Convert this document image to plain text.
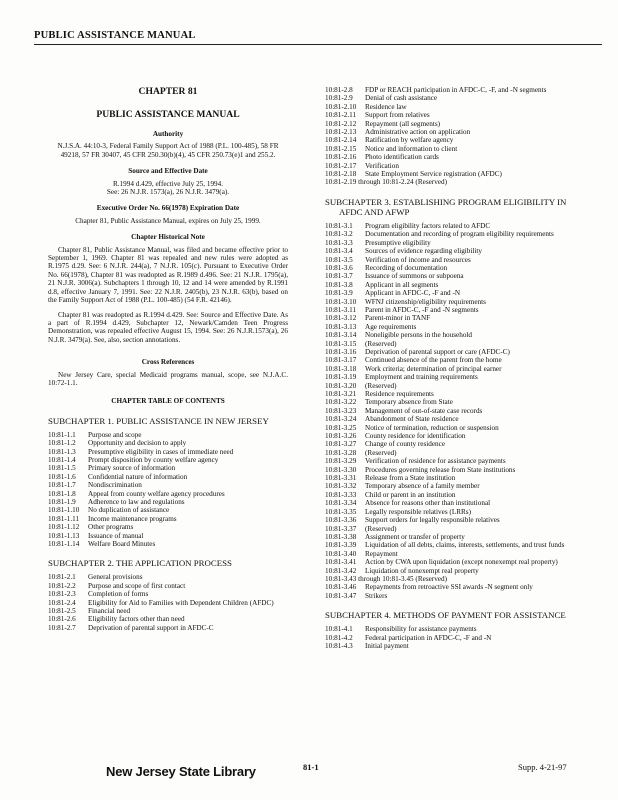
PUBLIC ASSISTANCE MANUAL
CHAPTER 81
PUBLIC ASSISTANCE MANUAL
Authority

N.J.S.A. 44:10-3, Federal Family Support Act of 1988 (P.L. 100-485), 58 FR 49218, 57 FR 30407, 45 CFR 250.30(b)(4), 45 CFR 250.73(e)1 and 255.2.

Source and Effective Date

R.1994 d.429, effective July 25, 1994.

See: 26 N.J.R. 1573(a), 26 N.J.R. 3479(a).

Executive Order No. 66(1978) Expiration Date

Chapter 81, Public Assistance Manual, expires on July 25, 1999.

Chapter Historical Note

Chapter 81, Public Assistance Manual, was filed and became effective prior to September 1, 1969. Chapter 81 was repealed and new rules were adopted as R.1975 d.29. See: 6 N.J.R. 244(a), 7 N.J.R. 105(c). Pursuant to Executive Order No. 66(1978), Chapter 81 was readopted as R.1989 d.496. See: 21 N.J.R. 1795(a), 21 N.J.R. 3006(a). Subchapters 1 through 10, 12 and 14 were amended by R.1991 d.8, effective January 7, 1991. See: 22 N.J.R. 2405(b), 23 N.J.R. 63(b), based on the Family Support Act of 1988 (P.L. 100-485) (54 F.R. 42146).

Chapter 81 was readopted as R.1994 d.429. See: Source and Effective Date. As a part of R.1994 d.429, Subchapter 12, Newark/Camden Teen Progress Demonstration, was repealed effective August 15, 1994. See: 26 N.J.R.1573(a), 26 N.J.R. 3479(a). See, also, section annotations.

Cross References

New Jersey Care, special Medicaid programs manual, scope, see N.J.A.C. 10:72-1.1.

CHAPTER TABLE OF CONTENTS
SUBCHAPTER 1. PUBLIC ASSISTANCE IN NEW JERSEY
10:81-1.1	Purpose and scope
10:81-1.2	Opportunity and decision to apply
10:81-1.3	Presumptive eligibility in cases of immediate need
10:81-1.4	Prompt disposition by county welfare agency
10:81-1.5	Primary source of information
10:81-1.6	Confidential nature of information
10:81-1.7	Nondiscrimination
10:81-1.8	Appeal from county welfare agency procedures
10:81-1.9	Adherence to law and regulations
10:81-1.10	No duplication of assistance
10:81-1.11	Income maintenance programs
10:81-1.12	Other programs
10:81-1.13	Issuance of manual
10:81-1.14	Welfare Board Minutes
SUBCHAPTER 2. THE APPLICATION PROCESS
10:81-2.1	General provisions
10:81-2.2	Purpose and scope of first contact
10:81-2.3	Completion of forms
10:81-2.4	Eligibility for Aid to Families with Dependent Children (AFDC)
10:81-2.5	Financial need
10:81-2.6	Eligibility factors other than need
10:81-2.7	Deprivation of parental support in AFDC-C
10:81-2.8	FDP or REACH participation in AFDC-C, -F, and -N segments
10:81-2.9	Denial of cash assistance
10:81-2.10	Residence law
10:81-2.11	Support from relatives
10:81-2.12	Repayment (all segments)
10:81-2.13	Administrative action on application
10:81-2.14	Ratification by welfare agency
10:81-2.15	Notice and information to client
10:81-2.16	Photo identification cards
10:81-2.17	Verification
10:81-2.18	State Employment Service registration (AFDC)
10:81-2.19 through 10:81-2.24 (Reserved)
SUBCHAPTER 3. ESTABLISHING PROGRAM ELIGIBILITY IN AFDC AND AFWP
10:81-3.1	Program eligibility factors related to AFDC
10:81-3.2	Documentation and recording of program eligibility requirements
10:81-3.3	Presumptive eligibility
10:81-3.4	Sources of evidence regarding eligibility
10:81-3.5	Verification of income and resources
10:81-3.6	Recording of documentation
10:81-3.7	Issuance of summons or subpoena
10:81-3.8	Applicant in all segments
10:81-3.9	Applicant in AFDC-C, -F and -N
10:81-3.10	WFNJ citizenship/eligibility requirements
10:81-3.11	Parent in AFDC-C, -F and -N segments
10:81-3.12	Parent-minor in TANF
10:81-3.13	Age requirements
10:81-3.14	Noneligible persons in the household
10:81-3.15	(Reserved)
10:81-3.16	Deprivation of parental support or care (AFDC-C)
10:81-3.17	Continued absence of the parent from the home
10:81-3.18	Work criteria; determination of principal earner
10:81-3.19	Employment and training requirements
10:81-3.20	(Reserved)
10:81-3.21	Residence requirements
10:81-3.22	Temporary absence from State
10:81-3.23	Management of out-of-state case records
10:81-3.24	Abandonment of State residence
10:81-3.25	Notice of termination, reduction or suspension
10:81-3.26	County residence for identification
10:81-3.27	Change of county residence
10:81-3.28	(Reserved)
10:81-3.29	Verification of residence for assistance payments
10:81-3.30	Procedures governing release from State institutions
10:81-3.31	Release from a State institution
10:81-3.32	Temporary absence of a family member
10:81-3.33	Child or parent in an institution
10:81-3.34	Absence for reasons other than institutional
10:81-3.35	Legally responsible relatives (LRRs)
10:81-3.36	Support orders for legally responsible relatives
10:81-3.37	(Reserved)
10:81-3.38	Assignment or transfer of property
10:81-3.39	Liquidation of all debts, claims, interests, settlements, and trust funds
10:81-3.40	Repayment
10:81-3.41	Action by CWA upon liquidation (except nonexempt real property)
10:81-3.42	Liquidation of nonexempt real property
10:81-3.43 through 10:81-3.45 (Reserved)
10:81-3.46	Repayments from retroactive SSI awards -N segment only
10:81-3.47	Strikers
SUBCHAPTER 4. METHODS OF PAYMENT FOR ASSISTANCE
10:81-4.1	Responsibility for assistance payments
10:81-4.2	Federal participation in AFDC-C, -F and -N
10:81-4.3	Initial payment
New Jersey State Library	81-1	Supp. 4-21-97
